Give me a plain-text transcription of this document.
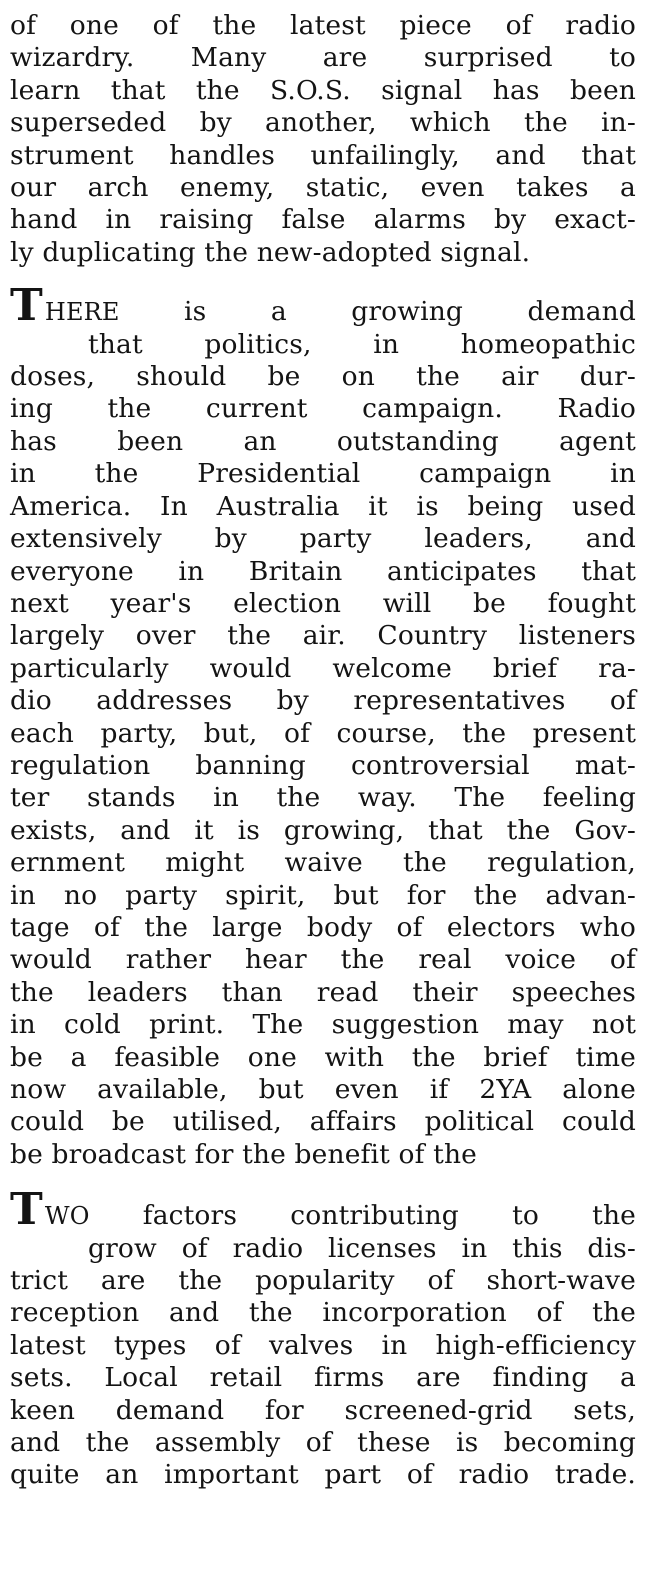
of one of the latest piece of radio
wizardry. Many are surprised to
learn that the S.O.S. signal has been
superseded by another, which the in-
strument handles unfailingly, and that
our arch enemy, static, even takes a
hand in raising false alarms by exact-
ly duplicating the new-adopted signal.

THERE is a growing demand
that politics, in homeopathic
doses, should be on the air dur-
ing the current campaign. Radio
has been an outstanding agent
in the Presidential campaign in
America. In Australia it is being used
extensively by party leaders, and
everyone in Britain anticipates that
next year's election will be fought
largely over the air. Country listeners
particularly would welcome brief ra-
dio addresses by representatives of
each party, but, of course, the present
regulation banning controversial mat-
ter stands in the way. The feeling
exists, and it is growing, that the Gov-
ernment might waive the regulation,
in no party spirit, but for the advan-
tage of the large body of electors who
would rather hear the real voice of
the leaders than read their speeches
in cold print. The suggestion may not
be a feasible one with the brief time
now available, but even if 2YA alone
could be utilised, affairs political could
be broadcast for the benefit of the

TWO factors contributing to the
grow of radio licenses in this dis-
trict are the popularity of short-wave
reception and the incorporation of the
latest types of valves in high-efficiency
sets. Local retail firms are finding a
keen demand for screened-grid sets,
and the assembly of these is becoming
quite an important part of radio trade.
